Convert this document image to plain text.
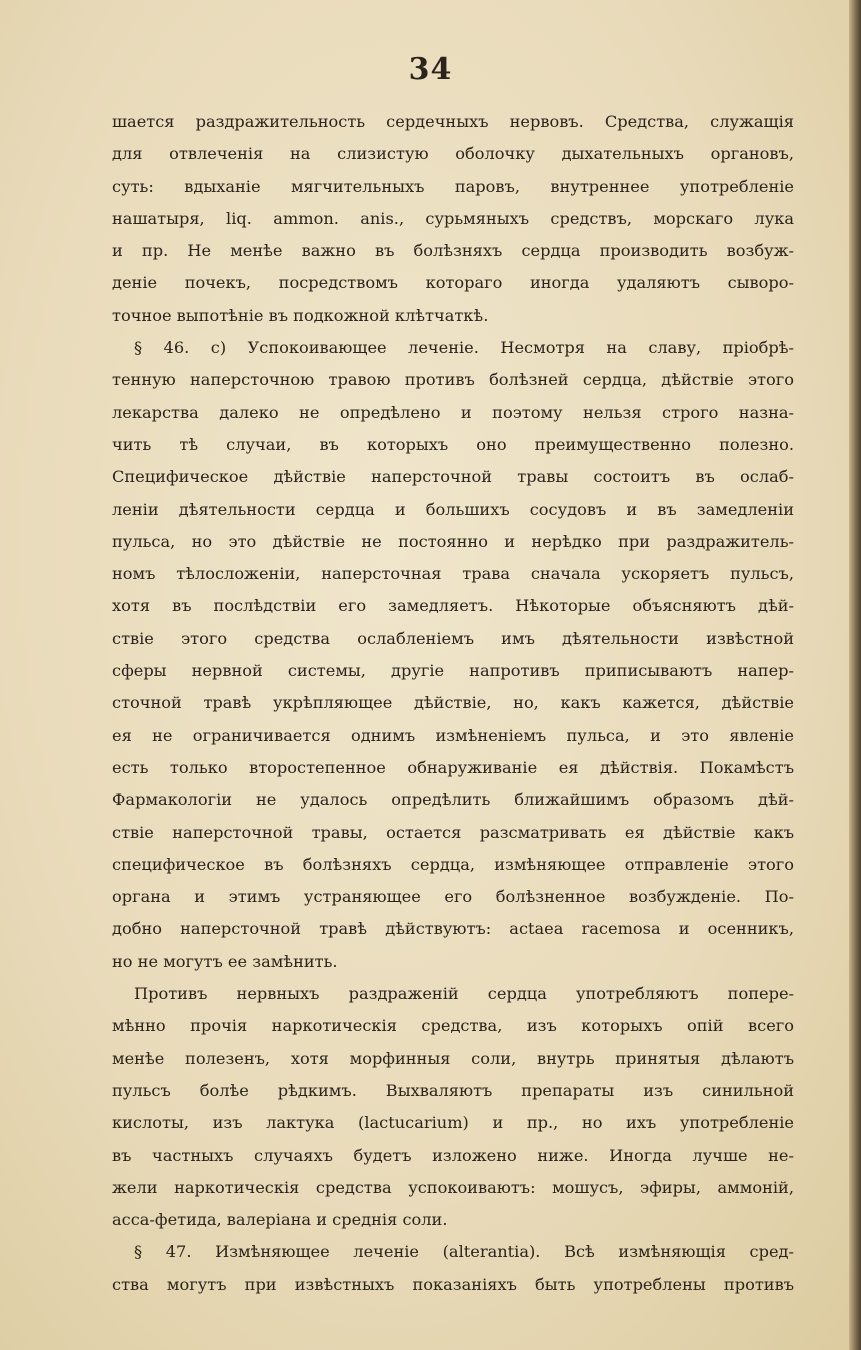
34
шается раздражительность сердечныхъ нервовъ. Средства, служащія
для отвлеченія на слизистую оболочку дыхательныхъ органовъ,
суть: вдыханіе мягчительныхъ паровъ, внутреннее употребленіе
нашатыря, liq. ammon. anis., сурьмяныхъ средствъ, морскаго лука
и пр. Не менѣе важно въ болѣзняхъ сердца производить возбуж-
деніе почекъ, посредствомъ котораго иногда удаляютъ сыворо-
точное выпотѣніе въ подкожной клѣтчаткѣ.
§ 46. c) Успокоивающее леченіе. Несмотря на славу, пріобрѣ-
тенную наперсточною травою противъ болѣзней сердца, дѣйствіе этого
лекарства далеко не опредѣлено и поэтому нельзя строго назна-
чить тѣ случаи, въ которыхъ оно преимущественно полезно.
Специфическое дѣйствіе наперсточной травы состоитъ въ ослаб-
леніи дѣятельности сердца и большихъ сосудовъ и въ замедленіи
пульса, но это дѣйствіе не постоянно и нерѣдко при раздражитель-
номъ тѣлосложеніи, наперсточная трава сначала ускоряетъ пульсъ,
хотя въ послѣдствіи его замедляетъ. Нѣкоторые объясняютъ дѣй-
ствіе этого средства ослабленіемъ имъ дѣятельности извѣстной
сферы нервной системы, другіе напротивъ приписываютъ напер-
сточной травѣ укрѣпляющее дѣйствіе, но, какъ кажется, дѣйствіе
ея не ограничивается однимъ измѣненіемъ пульса, и это явленіе
есть только второстепенное обнаруживаніе ея дѣйствія. Покамѣстъ
Фармакологіи не удалось опредѣлить ближайшимъ образомъ дѣй-
ствіе наперсточной травы, остается разсматривать ея дѣйствіе какъ
специфическое въ болѣзняхъ сердца, измѣняющее отправленіе этого
органа и этимъ устраняющее его болѣзненное возбужденіе. По-
добно наперсточной травѣ дѣйствуютъ: actaea racemosa и осенникъ,
но не могутъ ее замѣнить.
Противъ нервныхъ раздраженій сердца употребляютъ попере-
мѣнно прочія наркотическія средства, изъ которыхъ опій всего
менѣе полезенъ, хотя морфинныя соли, внутрь принятыя дѣлаютъ
пульсъ болѣе рѣдкимъ. Выхваляютъ препараты изъ синильной
кислоты, изъ лактука (lactucarium) и пр., но ихъ употребленіе
въ частныхъ случаяхъ будетъ изложено ниже. Иногда лучше не-
жели наркотическія средства успокоиваютъ: мошусъ, эфиры, аммоній,
асса-фетида, валеріана и среднія соли.
§ 47. Измѣняющее леченіе (alterantia). Всѣ измѣняющія сред-
ства могутъ при извѣстныхъ показаніяхъ быть употреблены противъ
